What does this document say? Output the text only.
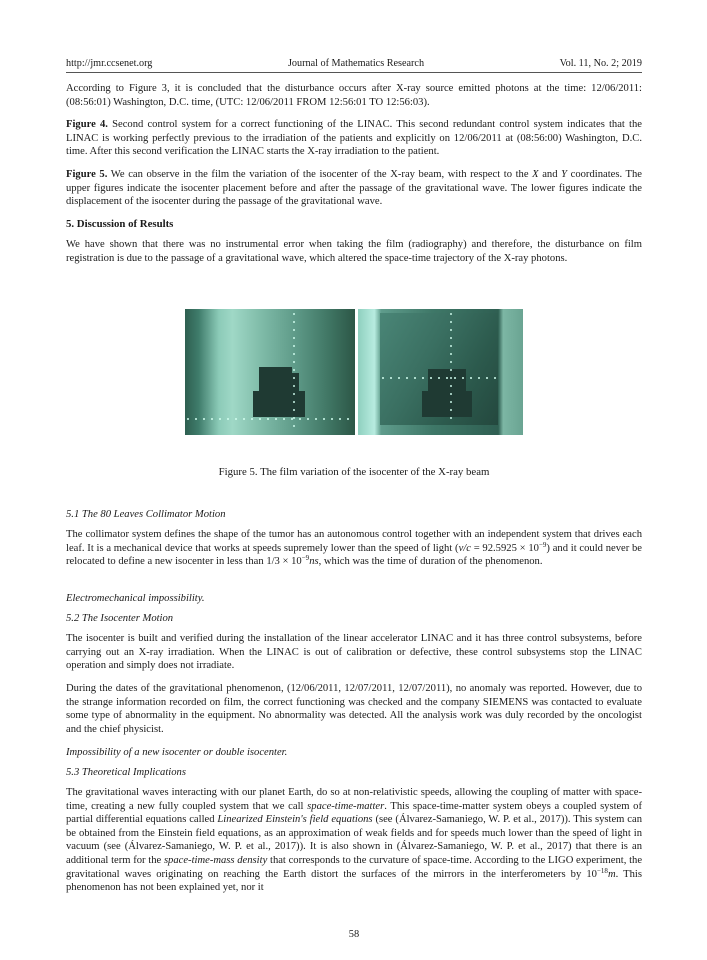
http://jmr.ccsenet.org	Journal of Mathematics Research	Vol. 11, No. 2; 2019

According to Figure 3, it is concluded that the disturbance occurs after X-ray source emitted photons at the time: 12/06/2011: (08:56:01) Washington, D.C. time, (UTC: 12/06/2011 FROM 12:56:01 TO 12:56:03).

Figure 4. Second control system for a correct functioning of the LINAC. This second redundant control system indicates that the LINAC is working perfectly previous to the irradiation of the patients and explicitly on 12/06/2011 at (08:56:00) Washington, D.C. time. After this second verification the LINAC starts the X-ray irradiation to the patient.

Figure 5. We can observe in the film the variation of the isocenter of the X-ray beam, with respect to the X and Y coordinates. The upper figures indicate the isocenter placement before and after the passage of the gravitational wave. The lower figures indicate the displacement of the isocenter during the passage of the gravitational wave.

5. Discussion of Results

We have shown that there was no instrumental error when taking the film (radiography) and therefore, the disturbance on film registration is due to the passage of a gravitational wave, which altered the space-time trajectory of the X-ray photons.

Figure 5. The film variation of the isocenter of the X-ray beam

5.1 The 80 Leaves Collimator Motion

The collimator system defines the shape of the tumor has an autonomous control together with an independent system that drives each leaf. It is a mechanical device that works at speeds supremely lower than the speed of light $(v/c = 92.5925 \times 10^{-9})$ and it could never be relocated to define a new isocenter in less than $1/3 \times 10^{-9}ns$, which was the time of duration of the phenomenon.

Electromechanical impossibility.

5.2 The Isocenter Motion

The isocenter is built and verified during the installation of the linear accelerator LINAC and it has three control subsystems, before carrying out an X-ray irradiation. When the LINAC is out of calibration or defective, these control subsystems stop the LINAC operation and simply does not irradiate.

During the dates of the gravitational phenomenon, (12/06/2011, 12/07/2011, 12/07/2011), no anomaly was reported. However, due to the strange information recorded on film, the correct functioning was checked and the company SIEMENS was contacted to evaluate some type of abnormality in the equipment. No abnormality was detected. All the analysis work was duly recorded by the oncologist and the chief physicist.

Impossibility of a new isocenter or double isocenter.

5.3 Theoretical Implications

The gravitational waves interacting with our planet Earth, do so at non-relativistic speeds, allowing the coupling of matter with space-time, creating a new fully coupled system that we call space-time-matter. This space-time-matter system obeys a coupled system of partial differential equations called Linearized Einstein's field equations (see (Álvarez-Samaniego, W. P. et al., 2017)). This system can be obtained from the Einstein field equations, as an approximation of weak fields and for speeds much lower than the speed of light in vacuum (see (Álvarez-Samaniego, W. P. et al., 2017)). It is also shown in (Álvarez-Samaniego, W. P. et al., 2017) that there is an additional term for the space-time-mass density that corresponds to the curvature of space-time. According to the LIGO experiment, the gravitational waves originating on reaching the Earth distort the surfaces of the mirrors in the interferometers by $10^{-18}m$. This phenomenon has not been explained yet, nor it

58
